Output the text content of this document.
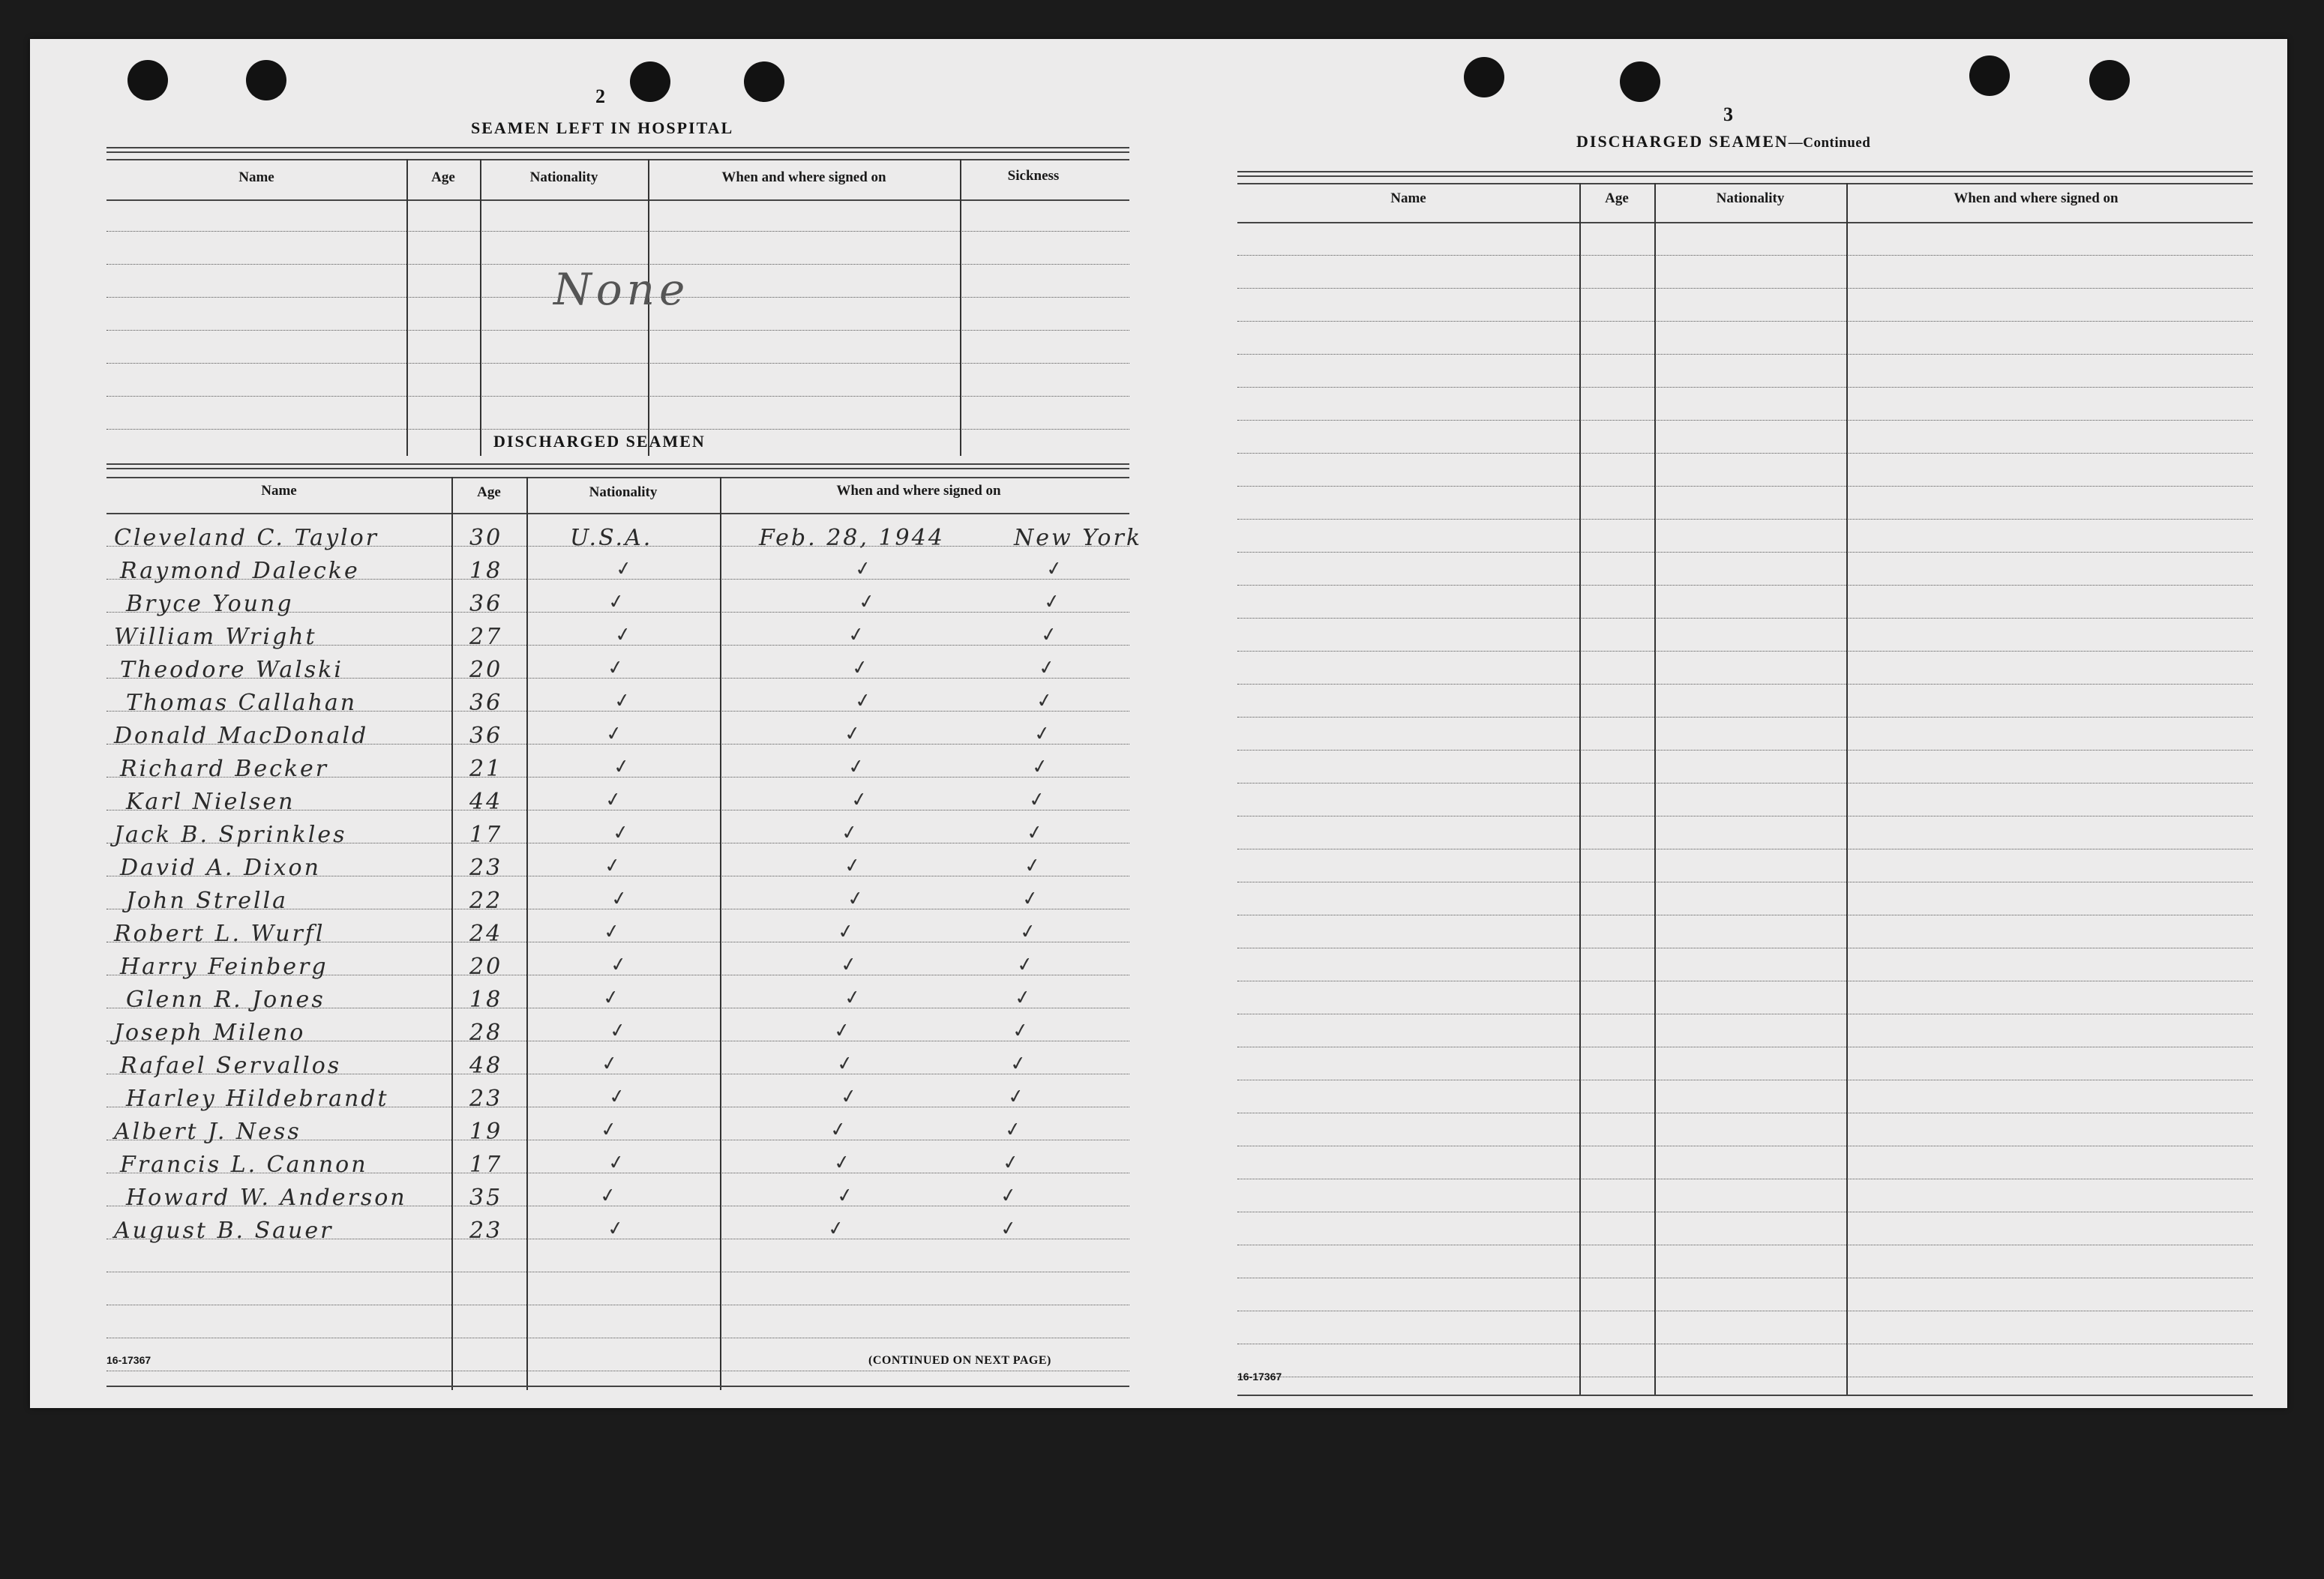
2
SEAMEN LEFT IN HOSPITAL
Name	Age	Nationality	When and where signed on	Sickness
None
DISCHARGED SEAMEN
Name	Age	Nationality	When and where signed on
Cleveland C. Taylor	30	U.S.A.	Feb. 28, 1944	New York
Raymond Dalecke	18	✓	✓	✓
Bryce Young	36	✓	✓	✓
William Wright	27	✓	✓	✓
Theodore Walski	20	✓	✓	✓
Thomas Callahan	36	✓	✓	✓
Donald MacDonald	36	✓	✓	✓
Richard Becker	21	✓	✓	✓
Karl Nielsen	44	✓	✓	✓
Jack B. Sprinkles	17	✓	✓	✓
David A. Dixon	23	✓	✓	✓
John Strella	22	✓	✓	✓
Robert L. Wurfl	24	✓	✓	✓
Harry Feinberg	20	✓	✓	✓
Glenn R. Jones	18	✓	✓	✓
Joseph Mileno	28	✓	✓	✓
Rafael Servallos	48	✓	✓	✓
Harley Hildebrandt	23	✓	✓	✓
Albert J. Ness	19	✓	✓	✓
Francis L. Cannon	17	✓	✓	✓
Howard W. Anderson	35	✓	✓	✓
August B. Sauer	23	✓	✓	✓
16-17367	(CONTINUED ON NEXT PAGE)
3
DISCHARGED SEAMEN—Continued
Name	Age	Nationality	When and where signed on
16-17367
